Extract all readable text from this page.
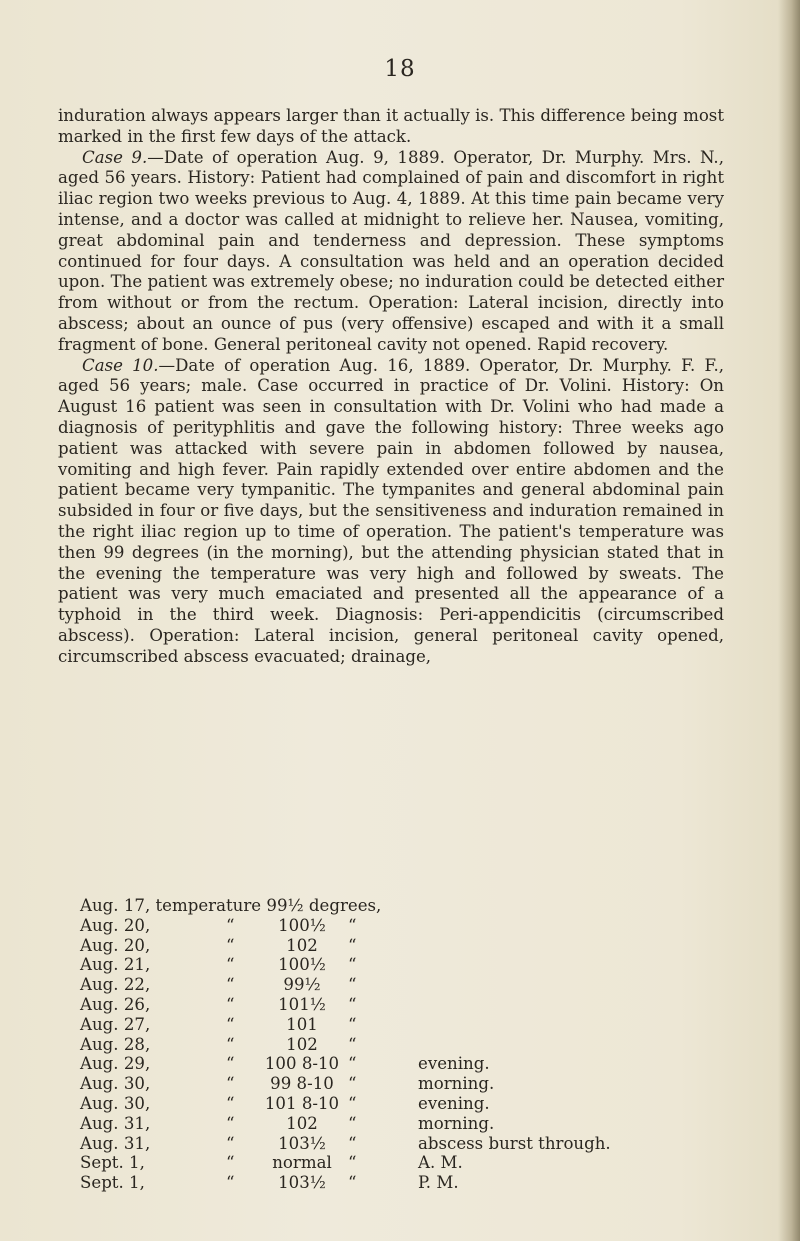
18

induration always appears larger than it actually is. This difference being most marked in the first few days of the attack.

Case 9.—Date of operation Aug. 9, 1889. Operator, Dr. Murphy. Mrs. N., aged 56 years. History: Patient had complained of pain and discomfort in right iliac region two weeks previous to Aug. 4, 1889. At this time pain became very intense, and a doctor was called at midnight to relieve her. Nausea, vomiting, great abdominal pain and tenderness and depression. These symptoms continued for four days. A consultation was held and an operation decided upon. The patient was extremely obese; no induration could be detected either from without or from the rectum. Operation: Lateral incision, directly into abscess; about an ounce of pus (very offensive) escaped and with it a small fragment of bone. General peritoneal cavity not opened. Rapid recovery.

Case 10.—Date of operation Aug. 16, 1889. Operator, Dr. Murphy. F. F., aged 56 years; male. Case occurred in practice of Dr. Volini. History: On August 16 patient was seen in consultation with Dr. Volini who had made a diagnosis of perityphlitis and gave the following history: Three weeks ago patient was attacked with severe pain in abdomen followed by nausea, vomiting and high fever. Pain rapidly extended over entire abdomen and the patient became very tympanitic. The tympanites and general abdominal pain subsided in four or five days, but the sensitiveness and induration remained in the right iliac region up to time of operation. The patient's temperature was then 99 degrees (in the morning), but the attending physician stated that in the evening the temperature was very high and followed by sweats. The patient was very much emaciated and presented all the appearance of a typhoid in the third week. Diagnosis: Peri-appendicitis (circumscribed abscess). Operation: Lateral incision, general peritoneal cavity opened, circumscribed abscess evacuated; drainage,

Aug. 17, temperature 99½ degrees,
Aug. 20,	“	100½	“
Aug. 20,	“	102	“
Aug. 21,	“	100½	“
Aug. 22,	“	99½	“
Aug. 26,	“	101½	“
Aug. 27,	“	101	“
Aug. 28,	“	102	“
Aug. 29,	“ 100 8-10 “	evening.
Aug. 30,	“	99 8-10 “	morning.
Aug. 30,	“ 101 8-10 “	evening.
Aug. 31,	“	102	“	morning.
Aug. 31,	“	103½	“	abscess burst through.
Sept. 1,	“	normal “	A. M.
Sept. 1,	“	103½	“	P. M.
